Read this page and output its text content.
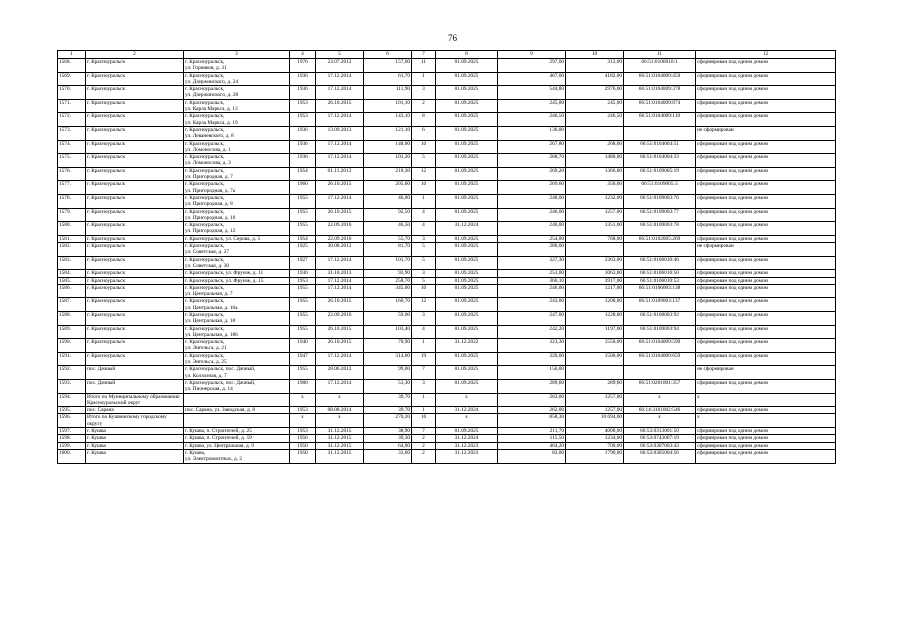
76
1	2	3	4	5	6	7	8	9	10	11	12
1568.	г. Красноуральск	г. Красноуральск,
ул. Горняков, д. 31	1976	23.07.2012	157,00	11	01.09.2025	297,00	312,00	66:51:0106010:1	сформирован под одним домом
1569.	г. Красноуральск	г. Красноуральск,
ул. Дзержинского, д. 24	1936	17.12.2014	61,70	1	01.09.2025	467,00	4182,00	66:51:0104009:459	сформирован под одним домом
1570.	г. Красноуральск	г. Красноуральск,
ул. Дзержинского, д. 28	1936	17.12.2014	111,90	3	01.09.2025	544,80	2976,00	66:51:0104009:378	сформирован под одним домом
1571.	г. Красноуральск	г. Красноуральск,
ул. Карла Маркса, д. 13	1953	26.10.2015	101,10	2	01.09.2025	245,00	245,00	66:51:0104009:874	сформирован под одним домом
1572.	г. Красноуральск	г. Красноуральск,
ул. Карла Маркса, д. 19	1953	17.12.2014	143,10	8	01.09.2025	246,50	246,50	66:51:0104009:110	сформирован под одним домом
1573.	г. Красноуральск	г. Красноуральск,
ул. Леваневского, д. 8	1936	13.09.2013	121,10	6	01.09.2025	136,00			не сформирован
1574.	г. Красноуральск	г. Красноуральск,
ул. Ломоносова, д. 1	1936	17.12.2014	148,00	10	01.09.2025	267,80	268,00	66:51:0104004:51	сформирован под одним домом
1575.	г. Красноуральск	г. Красноуральск,
ул. Ломоносова, д. 3	1936	17.12.2014	101,20	5	01.09.2025	268,70	1480,00	66:51:0104004:33	сформирован под одним домом
1576.	г. Красноуральск	г. Красноуральск,
ул. Пригородная, д. 7	1954	01.11.2013	218,30	12	01.09.2025	269,20	1366,00	66:51:0109005:19	сформирован под одним домом
1577.	г. Красноуральск	г. Красноуральск,
ул. Пригородная, д. 7а	1960	26.10.2015	205,60	10	01.09.2025	269,60	350,00	66:51:0109005:3	сформирован под одним домом
1578.	г. Красноуральск	г. Красноуральск,
ул. Пригородная, д. 8	1955	17.12.2014	46,00	1	01.09.2025	248,00	1232,00	66:51:0109003:76	сформирован под одним домом
1579.	г. Красноуральск	г. Красноуральск,
ул. Пригородная, д. 10	1955	26.10.2015	92,50	4	01.09.2025	246,00	1257,00	66:51:0109003:77	сформирован под одним домом
1580.	г. Красноуральск	г. Красноуральск,
ул. Пригородная, д. 12	1955	22.09.2016	46,50	4	31.12.2024	246,00	1351,00	66:51:0109003:78	сформирован под одним домом
1581.	г. Красноуральск	г. Красноуральск, ул. Серова, д. 5	1954	22.09.2016	55,70	3	01.09.2025	254,00	768,00	66:51:0102005:269	сформирован под одним домом
1582.	г. Красноуральск	г. Красноуральск,
ул. Советская, д. 27	1925	30.08.2012	81,70	5	01.09.2025	280,00			не сформирован
1583.	г. Красноуральск	г. Красноуральск,
ул. Советская, д. 30	1927	17.12.2014	101,70	5	01.09.2025	327,30	2363,00	66:51:0106010:46	сформирован под одним домом
1584.	г. Красноуральск	г. Красноуральск, ул. Фрунзе, д. 11	1930	31.10.2013	93,90	3	01.09.2025	253,00	1063,00	66:51:0106010:50	сформирован под одним домом
1585.	г. Красноуральск	г. Красноуральск, ул. Фрунзе, д. 15	1953	17.12.2014	258,70	5	01.09.2025	366,10	3917,00	66:51:0106010:53	сформирован под одним домом
1586.	г. Красноуральск	г. Красноуральск,
ул. Центральная, д. 7	1955	17.12.2014	345,00	10	01.09.2025	246,00	1217,00	66:51:0106003:138	сформирован под одним домом
1587.	г. Красноуральск	г. Красноуральск,
ул. Центральная, д. 16а	1955	26.10.2015	160,70	12	01.09.2025	243,00	1206,00	66:51:0109003:137	сформирован под одним домом
1588.	г. Красноуральск	г. Красноуральск,
ул. Центральная, д. 18	1955	22.09.2016	59,00	3	01.09.2025	247,00	1228,00	66:51:0108003:92	сформирован под одним домом
1589.	г. Красноуральск	г. Красноуральск,
ул. Центральная, д. 186	1955	26.10.2015	103,40	4	01.09.2025	242,20	1197,00	66:51:0109003:94	сформирован под одним домом
1590.	г. Красноуральск	г. Красноуральск,
ул. Энгельса, д. 21	1940	26.10.2015	70,90	1	31.12.2022	323,30	1550,00	66:51:0104009:599	сформирован под одним домом
1591.	г. Красноуральск	г. Красноуральск,
ул. Энгельса, д. 25	1947	17.12.2014	314,00	19	01.09.2025	320,00	1500,00	66:51:0104009:659	сформирован под одним домом
1592.	пос. Дачный	г. Красноуральск, пос. Дачный,
ул. Колхозная, д. 7	1955	28.06.2012	99,00	7	01.09.2025	150,00			не сформирован
1593.	пос. Дачный	г. Красноуральск, пос. Дачный,
ул. Пионерская, д. 14	1980	17.12.2014	53,30	3	01.09.2025	289,60	289,60	66:51:0201001:357	сформирован под одним домом
1594.	Итого по Муниципальному образованию
Красноуральский округ		x	x	39,70	1	x	262,00	1257,00	x	x
1595.	пос. Сарана	пос. Сарана, ул. Заводская, д. 8	1953	08.08.2014	39,70	1	31.12.2024	262,00	1257,00	66:14:3101002:546	сформирован под одним домом
1596.	Итого по Кушвинскому городскому округу		x	x	270,20	16	x	858,30	10 694,00	x	x
1597.	г. Кушва	г. Кушва, п. Строителей, д. 25	1953	31.12.2015	38,90	7	01.09.2025	211,70	4000,00	66:53:0313001:50	сформирован под одним домом
1598.	г. Кушва	г. Кушва, п. Строителей, д. 59	1956	31.12.2015	39,30	2	31.12.2024	115,50	1234,00	66:53:0743007:19	сформирован под одним домом
1599.	г. Кушва	г. Кушва, ул. Центральная, д. 9	1950	31.12.2015	64,90	2	31.12.2023	464,20	700,00	66:53:0307003:43	сформирован под одним домом
1600.	г. Кушва	г. Кушва,
ул. Электромонтных, д. 2	1950	31.12.2015	33,60	2	31.12.2023	82,00	1790,00	66:53:0305004:56	сформирован под одним домом
